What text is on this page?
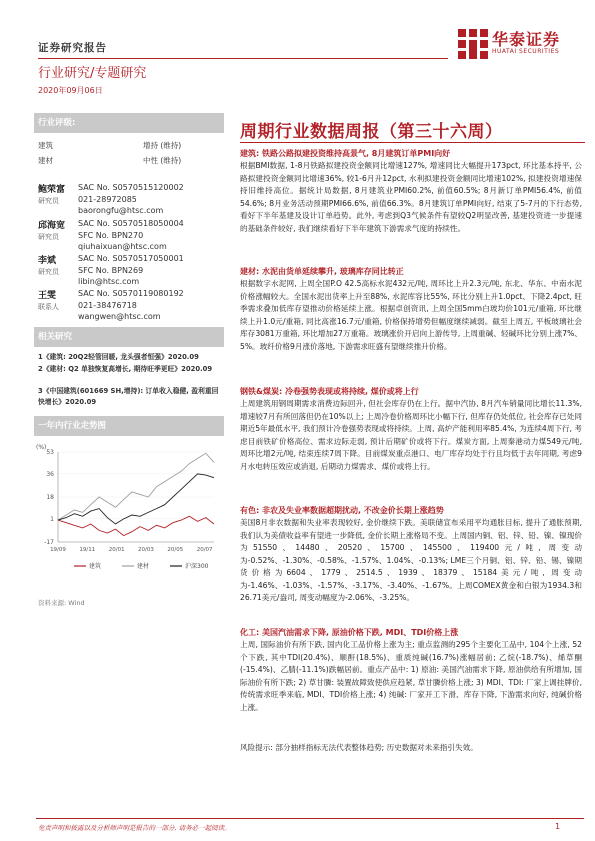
证券研究报告	华泰证券
HUATAI SECURITIES
行业研究/专题研究
2020年09月06日
行业评级:
建筑	增持 (维持)
建材	中性 (维持)
鲍荣富
研究员
SAC No. S0570515120002
021-28972085
baorongfu@htsc.com
邱海宽
研究员
SAC No. S0570518050004
SFC No. BPN270
qiuhaixuan@htsc.com
李斌
研究员
SAC No. S0570517050001
SFC No. BPN269
libin@htsc.com
王雯
联系人
SAC No. S0570119080192
021-38476718
wangwen@htsc.com
相关研究
1《建筑: 20Q2轻管回暖, 龙头强者恒强》2020.09
2《建材: Q2 单独恢复高增长, 期待旺季更旺》2020.09
3《中国建筑(601669 SH,增持): 订单收入稳健, 盈利重回快增长》2020.09
一年内行业走势图
(%)
53
36
18
1
-17
19/09 19/11 20/01 20/03 20/05 20/07
建筑	建材	沪深300
资料来源: Wind
周期行业数据周报（第三十六周）
建筑: 铁路公路拟建投资维持高景气, 8月建筑订单PMI向好
根据BMI数据, 1-8月铁路拟建投资金额同比增速127%, 增速同比大幅提升173pct, 环比基本持平, 公路拟建投资金额同比增速36%, 较1-6月升12pct, 水利拟建投资金额同比增速102%, 拟建投资增速保持旧维持高位。据统计局数据, 8月建筑业PMI60.2%, 前值60.5%; 8月新订单PMI56.4%, 前值54.6%; 8月业务活动预期PMI66.6%, 前值66.3%。8月建筑订单PMI向好, 结束了5-7月的下行态势, 看好下半年基建及设计订单趋势。此外, 考虑到Q3气候条件有望较Q2明显改善, 基建投资进一步提速的基础条件较好, 我们继续看好下半年建筑下游需求气度的持续性。
建材: 水泥由货单延续攀升, 玻璃库存同比转正
根据数字水泥网, 上周全国P.O 42.5高标水泥432元/吨, 周环比上升2.3元/吨, 东北、华东、中南水泥价格涨幅较大。全国水泥出货率上升至88%, 水泥库容比55%, 环比分别上升1.0pct、下降2.4pct, 旺季需求叠加低库存望推动价格延续上涨。根据卓创资讯, 上周全国5mm白玻均价101元/重箱, 环比继续上升1.0元/重箱, 同比高涨16.7元/重箱, 价格保持增势但幅度继续减弱。截至上周五, 平板玻璃社会库存3081万重箱, 环比增加27万重箱。玻璃涨价开启向上游传导, 上周重碱、轻碱环比分别上涨7%、5%。玻纤价格9月涨价落地, 下游需求旺盛有望继续推升价格。
钢铁&煤炭: 冷卷强势表现或将持续, 煤价或将上行
上周建筑用钢周期需求消费边际回升, 但社会库存仍在上行。据中汽协, 8月汽车销量同比增长11.3%, 增速较7月有所回落但仍在10%以上; 上周冷卷价格周环比小幅下行, 但库存仍处低位, 社会库存已处同期近5年最低水平, 我们预计冷卷强势表现或将持续。上周, 高炉产能利用率85.4%, 为连续4周下行, 考虑目前铁矿价格高位、需求边际走弱, 预计后期矿价或将下行。煤炭方面, 上周秦港动力煤549元/吨, 周环比增2元/吨, 结束连续7周下降。目前煤炭重点港口、电厂库存均处于行且均低于去年同期, 考虑9月水电转压效应或消退, 后期动力煤需求、煤价或将上行。
有色: 非农及失业率数据超期扰动, 不改金价长期上涨趋势
美国8月非农数据和失业率表现较好, 金价继续下跌。美联储宣布采用平均通胀目标, 提升了通胀预期, 我们认为美债收益率有望进一步降低, 金价长期上涨格局不变。上周国内铜、铝、锌、铅、镍、镍现价为51550、14480、20520、15700、145500、119400元/吨, 周变动为-0.52%、-1.30%、-0.58%、-1.57%、1.04%、-0.13%; LME三个月铜、铝、锌、铅、锡、镍期货价格为6604、1779、2514.5、1939、18379、15184美元/吨, 周变动为-1.46%、-1.03%、-1.57%、-3.17%、-3.40%、-1.67%。上周COMEX黄金和白银为1934.3和26.71美元/盎司, 周变动幅度为-2.06%、-3.25%。
化工: 美国汽油需求下降, 原油价格下跌, MDI、TDI价格上涨
上周, 国际油价有所下跌, 国内化工品价格上涨为主; 重点监测的295个主要化工品中, 104个上涨, 52个下跌, 其中TDI(20.4%)、顺酐(18.5%)、重质纯碱(16.7%)涨幅居前; 乙烷(-18.7%)、烯草酮(-15.4%)、乙腈(-11.1%)跌幅居前。重点产品中: 1) 原油: 美国汽油需求下降, 原油供给有所增加, 国际油价有所下跌; 2) 草甘膦: 装置故障致使供应趋紧, 草甘膦价格上涨; 3) MDI、TDI: 厂家上调挂牌价, 传统需求旺季来临, MDI、TDI价格上涨; 4) 纯碱: 厂家开工下滑、库存下降, 下游需求向好, 纯碱价格上涨。
风险提示: 部分抽样指标无法代表整体趋势; 历史数据对未来指引失效。
免责声明和披露以及分析师声明是报告的一部分, 请务必一起阅读。	1
